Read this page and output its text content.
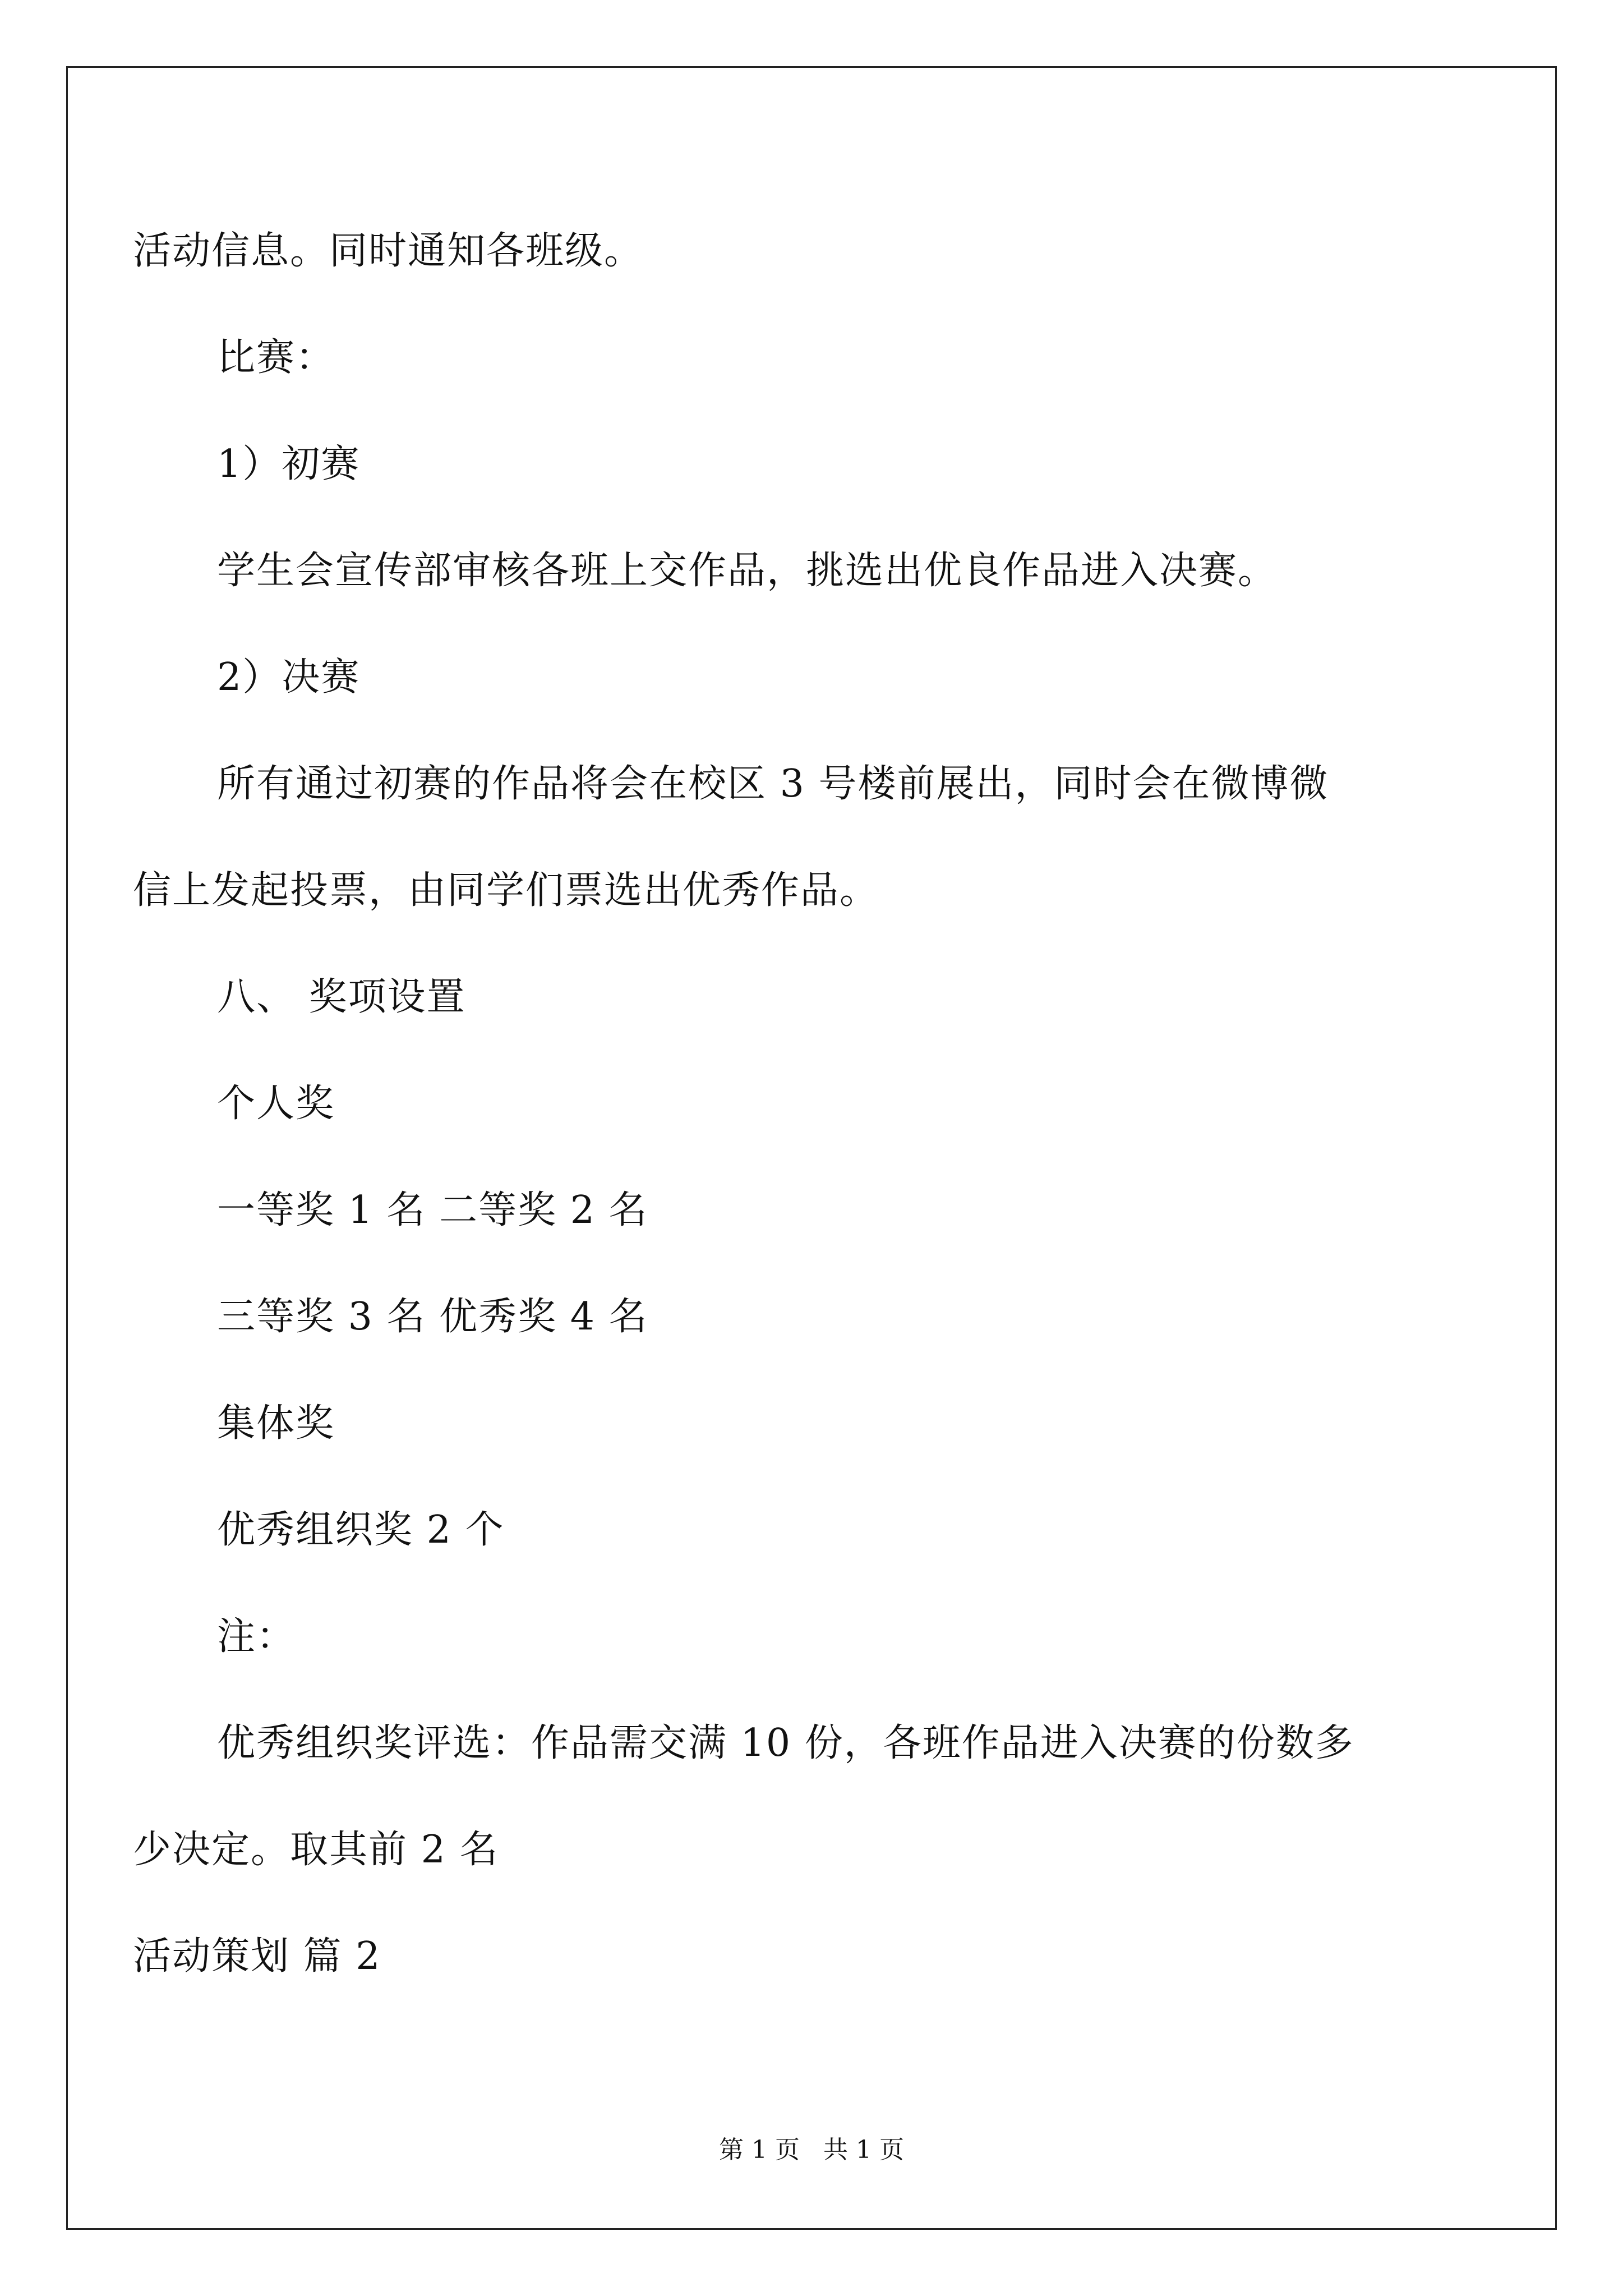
活动信息。同时通知各班级。
比赛：
1）初赛
学生会宣传部审核各班上交作品，挑选出优良作品进入决赛。
2）决赛
所有通过初赛的作品将会在校区 3 号楼前展出，同时会在微博微
信上发起投票，由同学们票选出优秀作品。
八、 奖项设置
个人奖
一等奖 1 名 二等奖 2 名
三等奖 3 名 优秀奖 4 名
集体奖
优秀组织奖 2 个
注：
优秀组织奖评选：作品需交满 10 份，各班作品进入决赛的份数多
少决定。取其前 2 名
活动策划 篇 2
第 1 页 共 1 页
